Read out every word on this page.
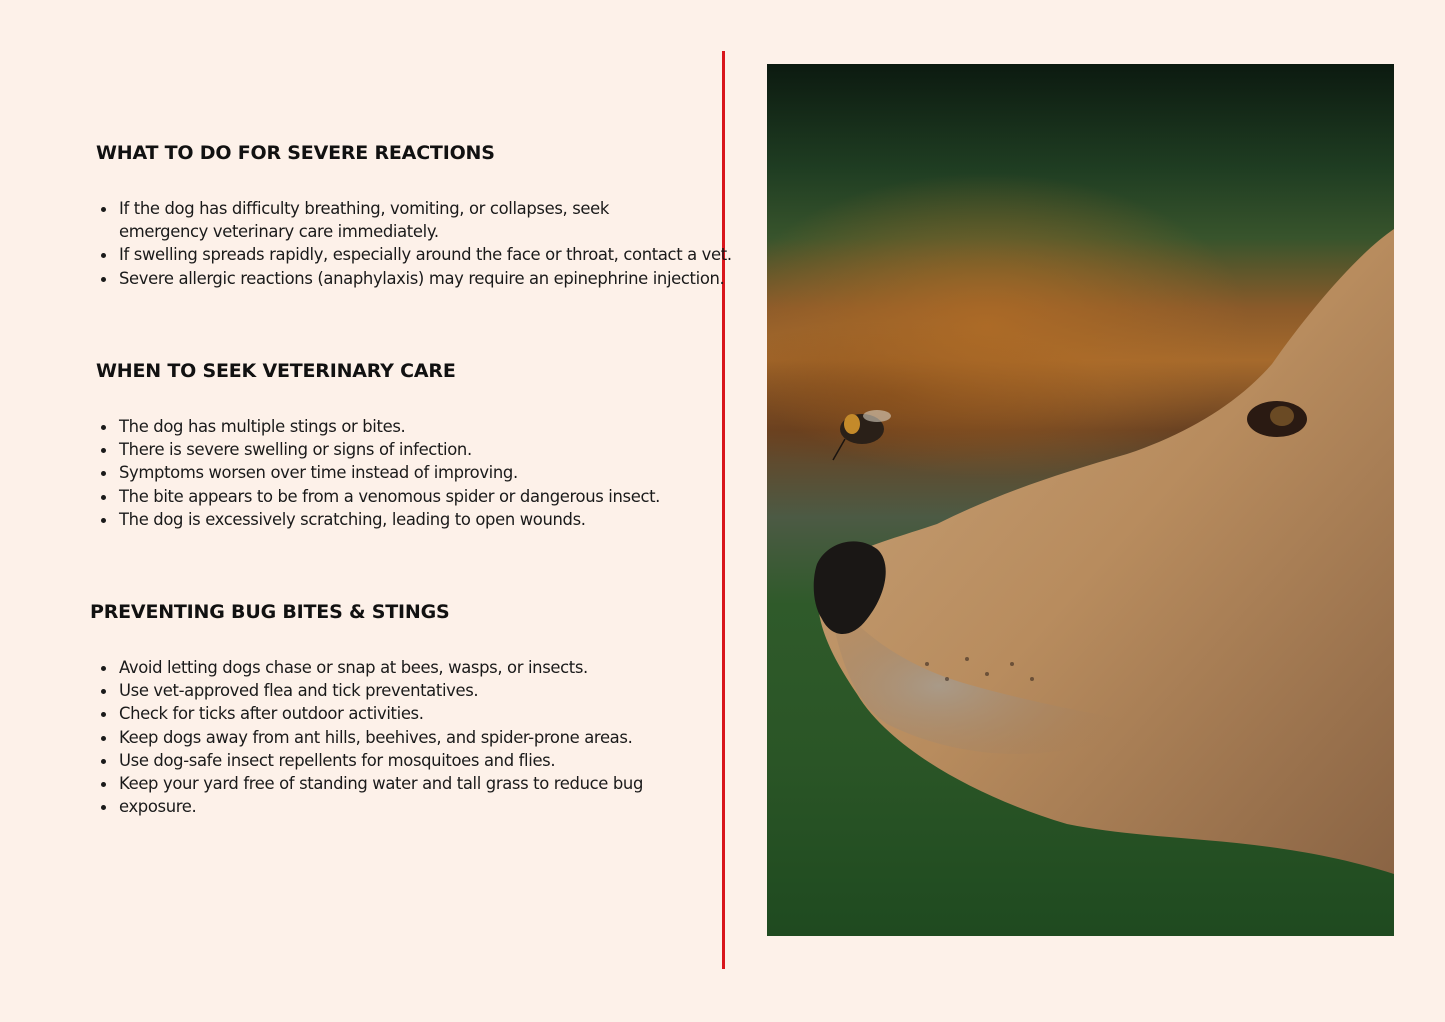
WHAT TO DO FOR SEVERE REACTIONS
If the dog has difficulty breathing, vomiting, or collapses, seek emergency veterinary care immediately.
If swelling spreads rapidly, especially around the face or throat, contact a vet.
Severe allergic reactions (anaphylaxis) may require an epinephrine injection.
WHEN TO SEEK VETERINARY CARE
The dog has multiple stings or bites.
There is severe swelling or signs of infection.
Symptoms worsen over time instead of improving.
The bite appears to be from a venomous spider or dangerous insect.
The dog is excessively scratching, leading to open wounds.
PREVENTING BUG BITES & STINGS
Avoid letting dogs chase or snap at bees, wasps, or insects.
Use vet-approved flea and tick preventatives.
Check for ticks after outdoor activities.
Keep dogs away from ant hills, beehives, and spider-prone areas.
Use dog-safe insect repellents for mosquitoes and flies.
Keep your yard free of standing water and tall grass to reduce bug
exposure.
